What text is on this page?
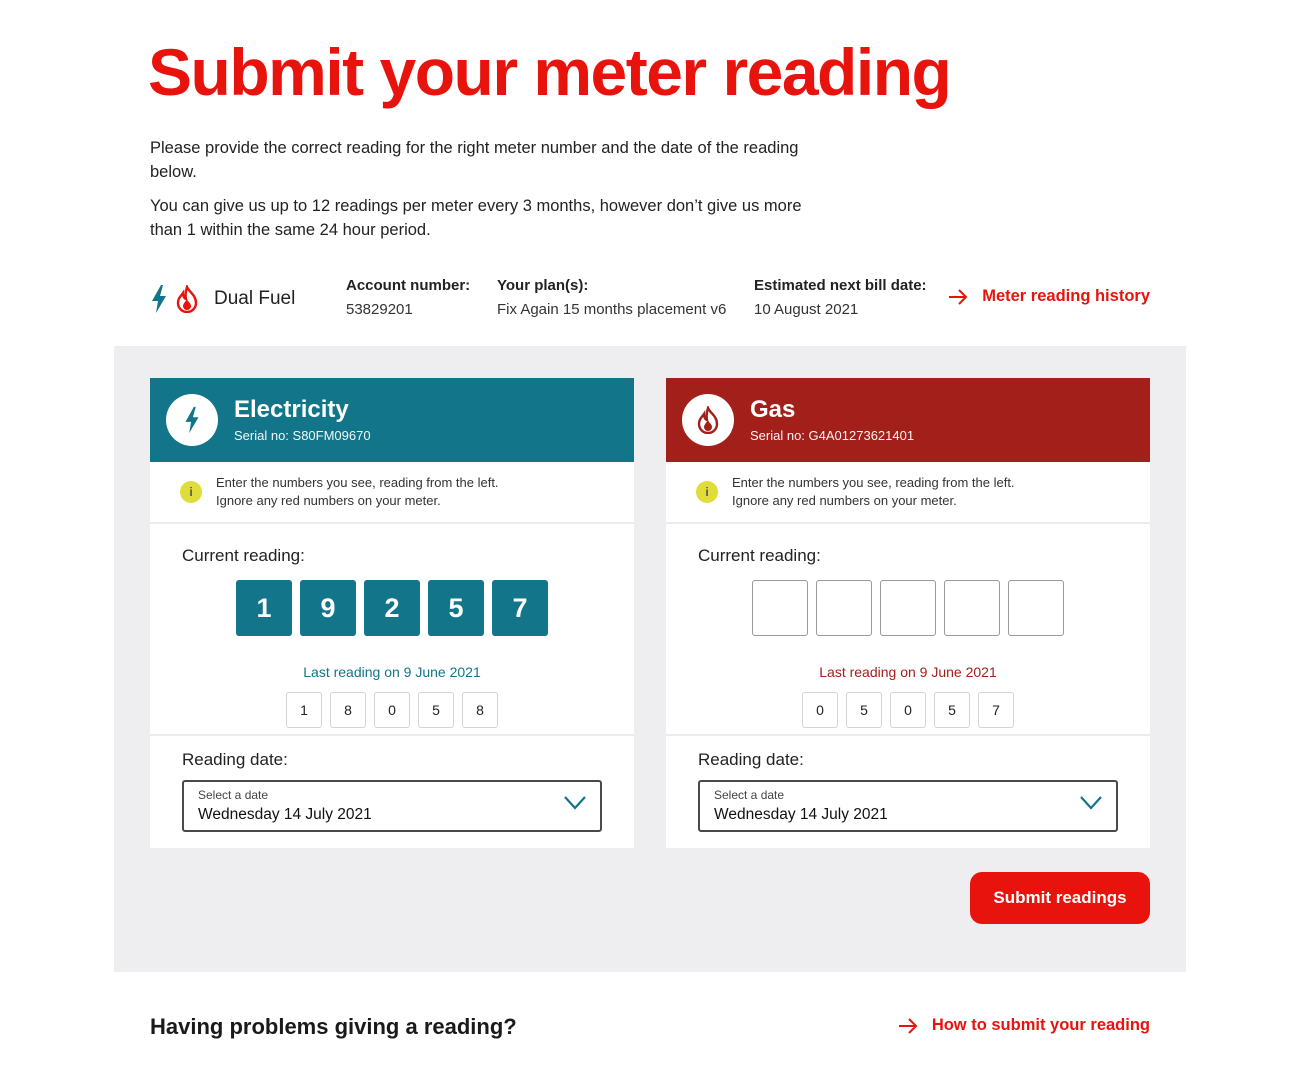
Submit your meter reading

Please provide the correct reading for the right meter number and the date of the reading below.

You can give us up to 12 readings per meter every 3 months, however don’t give us more than 1 within the same 24 hour period.

Dual Fuel
Account number:
53829201
Your plan(s):
Fix Again 15 months placement v6
Estimated next bill date:
10 August 2021
Meter reading history
Electricity
Serial no: S80FM09670
i
Enter the numbers you see, reading from the left.
Ignore any red numbers on your meter.
Current reading:
1	9	2	5	7
Last reading on 9 June 2021
1	8	0	5	8
Reading date:
Select a date
Wednesday 14 July 2021
Gas
Serial no: G4A01273621401
i
Enter the numbers you see, reading from the left.
Ignore any red numbers on your meter.
Current reading:
Last reading on 9 June 2021
0	5	0	5	7
Reading date:
Select a date
Wednesday 14 July 2021
Submit readings
Having problems giving a reading?	How to submit your reading
